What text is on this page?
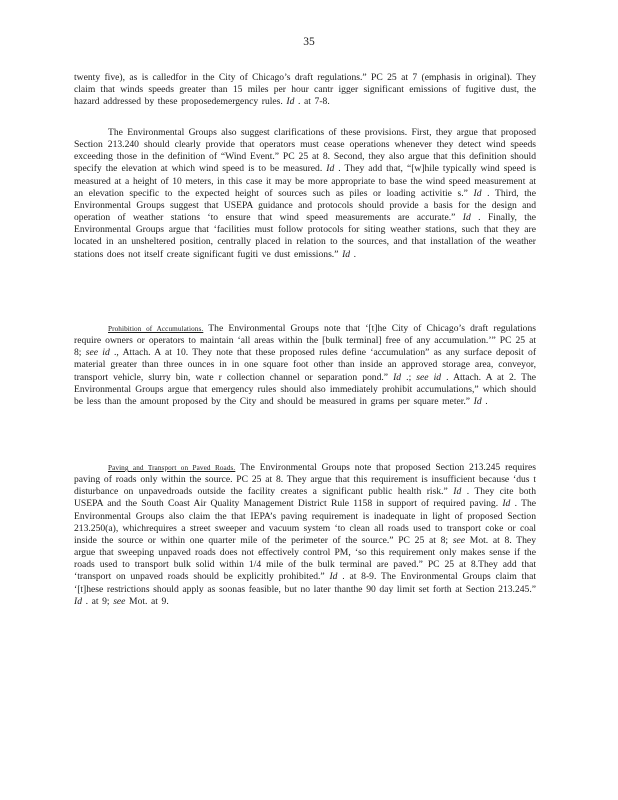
35

twenty five), as is calledfor in the City of Chicago’s draft regulations.” PC 25 at 7 (emphasis in original). They claim that winds speeds greater than 15 miles per hour cantr igger significant emissions of fugitive dust, the hazard addressed by these proposedemergency rules. Id . at 7-8.

The Environmental Groups also suggest clarifications of these provisions. First, they argue that proposed Section 213.240 should clearly provide that operators must cease operations whenever they detect wind speeds exceeding those in the definition of “Wind Event.” PC 25 at 8. Second, they also argue that this definition should specify the elevation at which wind speed is to be measured. Id . They add that, “[w]hile typically wind speed is measured at a height of 10 meters, in this case it may be more appropriate to base the wind speed measurement at an elevation specific to the expected height of sources such as piles or loading activitie s.” Id . Third, the Environmental Groups suggest that USEPA guidance and protocols should provide a basis for the design and operation of weather stations ‘to ensure that wind speed measurements are accurate.” Id . Finally, the Environmental Groups argue that ‘facilities must follow protocols for siting weather stations, such that they are located in an unsheltered position, centrally placed in relation to the sources, and that installation of the weather stations does not itself create significant fugiti ve dust emissions.” Id .

Prohibition of Accumulations. The Environmental Groups note that ‘[t]he City of Chicago’s draft regulations require owners or operators to maintain ‘all areas within the [bulk terminal] free of any accumulation.’” PC 25 at 8; see id ., Attach. A at 10. They note that these proposed rules define ‘accumulation” as any surface deposit of material greater than three ounces in in one square foot other than inside an approved storage area, conveyor, transport vehicle, slurry bin, wate r collection channel or separation pond.” Id .; see id . Attach. A at 2. The Environmental Groups argue that emergency rules should also immediately prohibit accumulations,” which should be less than the amount proposed by the City and should be measured in grams per square meter.” Id .

Paving and Transport on Paved Roads. The Environmental Groups note that proposed Section 213.245 requires paving of roads only within the source. PC 25 at 8. They argue that this requirement is insufficient because ‘dus t disturbance on unpavedroads outside the facility creates a significant public health risk.” Id . They cite both USEPA and the South Coast Air Quality Management District Rule 1158 in support of required paving. Id . The Environmental Groups also claim the that IEPA’s paving requirement is inadequate in light of proposed Section 213.250(a), whichrequires a street sweeper and vacuum system ‘to clean all roads used to transport coke or coal inside the source or within one quarter mile of the perimeter of the source.” PC 25 at 8; see Mot. at 8. They argue that sweeping unpaved roads does not effectively control PM, ‘so this requirement only makes sense if the roads used to transport bulk solid within 1/4 mile of the bulk terminal are paved.” PC 25 at 8.They add that ‘transport on unpaved roads should be explicitly prohibited.” Id . at 8-9. The Environmental Groups claim that ‘[t]hese restrictions should apply as soonas feasible, but no later thanthe 90 day limit set forth at Section 213.245.” Id . at 9; see Mot. at 9.
